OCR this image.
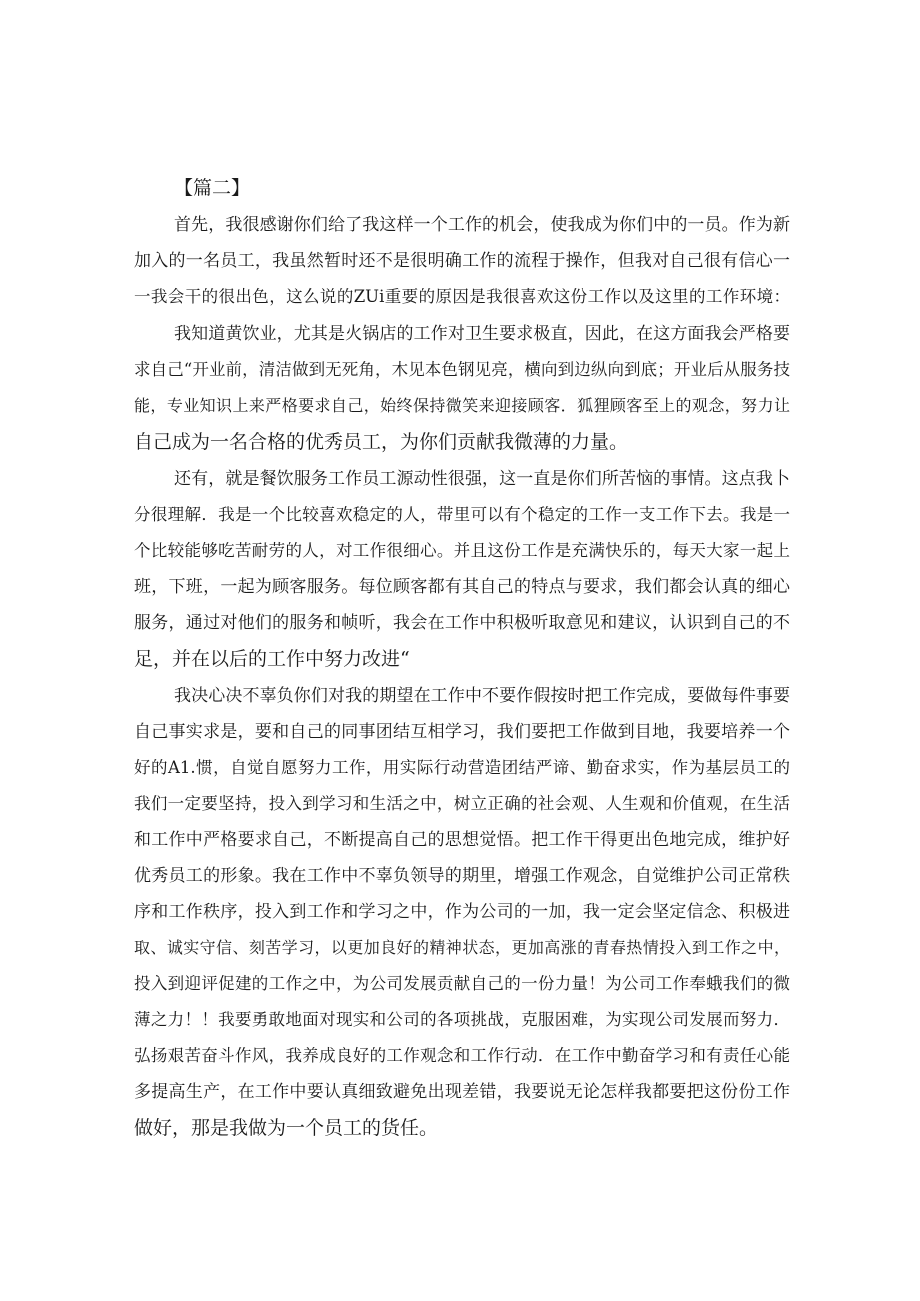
【篇二】
首先，我很感谢你们给了我这样一个工作的机会，使我成为你们中的一员。作为新
加入的一名员工，我虽然暂时还不是很明确工作的流程于操作，但我对自己很有信心一
一我会干的很出色，这么说的ZUi重要的原因是我很喜欢这份工作以及这里的工作环境：
我知道黄饮业，尤其是火锅店的工作对卫生要求极直，因此，在这方面我会严格要
求自己“开业前，清洁做到无死角，木见本色钢见亮，横向到边纵向到底；开业后从服务技
能，专业知识上来严格要求自己，始终保持微笑来迎接顾客．狐狸顾客至上的观念，努力让
自己成为一名合格的优秀员工，为你们贡献我微薄的力量。
还有，就是餐饮服务工作员工源动性很强，这一直是你们所苦恼的事情。这点我卜
分很理解．我是一个比较喜欢稳定的人，带里可以有个稳定的工作一支工作下去。我是一
个比较能够吃苦耐劳的人，对工作很细心。并且这份工作是充满快乐的，每天大家一起上
班，下班，一起为顾客服务。每位顾客都有其自己的特点与要求，我们都会认真的细心
服务，通过对他们的服务和帧听，我会在工作中积极听取意见和建议，认识到自己的不
足，并在以后的工作中努力改进“
我决心决不辜负你们对我的期望在工作中不要作假按时把工作完成，要做每件事要
自己事实求是，要和自己的同事团结互相学习，我们要把工作做到目地，我要培养一个
好的A1.惯，自觉自愿努力工作，用实际行动营造团结严谛、勤奋求实，作为基层员工的
我们一定要坚持，投入到学习和生活之中，树立正确的社会观、人生观和价值观，在生活
和工作中严格要求自己，不断提高自己的思想觉悟。把工作干得更出色地完成，维护好
优秀员工的形象。我在工作中不辜负领导的期里，增强工作观念，自觉维护公司正常秩
序和工作秩序，投入到工作和学习之中，作为公司的一加，我一定会坚定信念、积极进
取、诚实守信、刻苦学习，以更加良好的精神状态，更加高涨的青春热情投入到工作之中，
投入到迎评促建的工作之中，为公司发展贡献自己的一份力量！为公司工作奉蛾我们的微
薄之力！！我要勇敢地面对现实和公司的各项挑战，克服困难，为实现公司发展而努力．
弘扬艰苦奋斗作风，我养成良好的工作观念和工作行动．在工作中勤奋学习和有责任心能
多提高生产，在工作中要认真细致避免出现差错，我要说无论怎样我都要把这份份工作
做好，那是我做为一个员工的货任。
